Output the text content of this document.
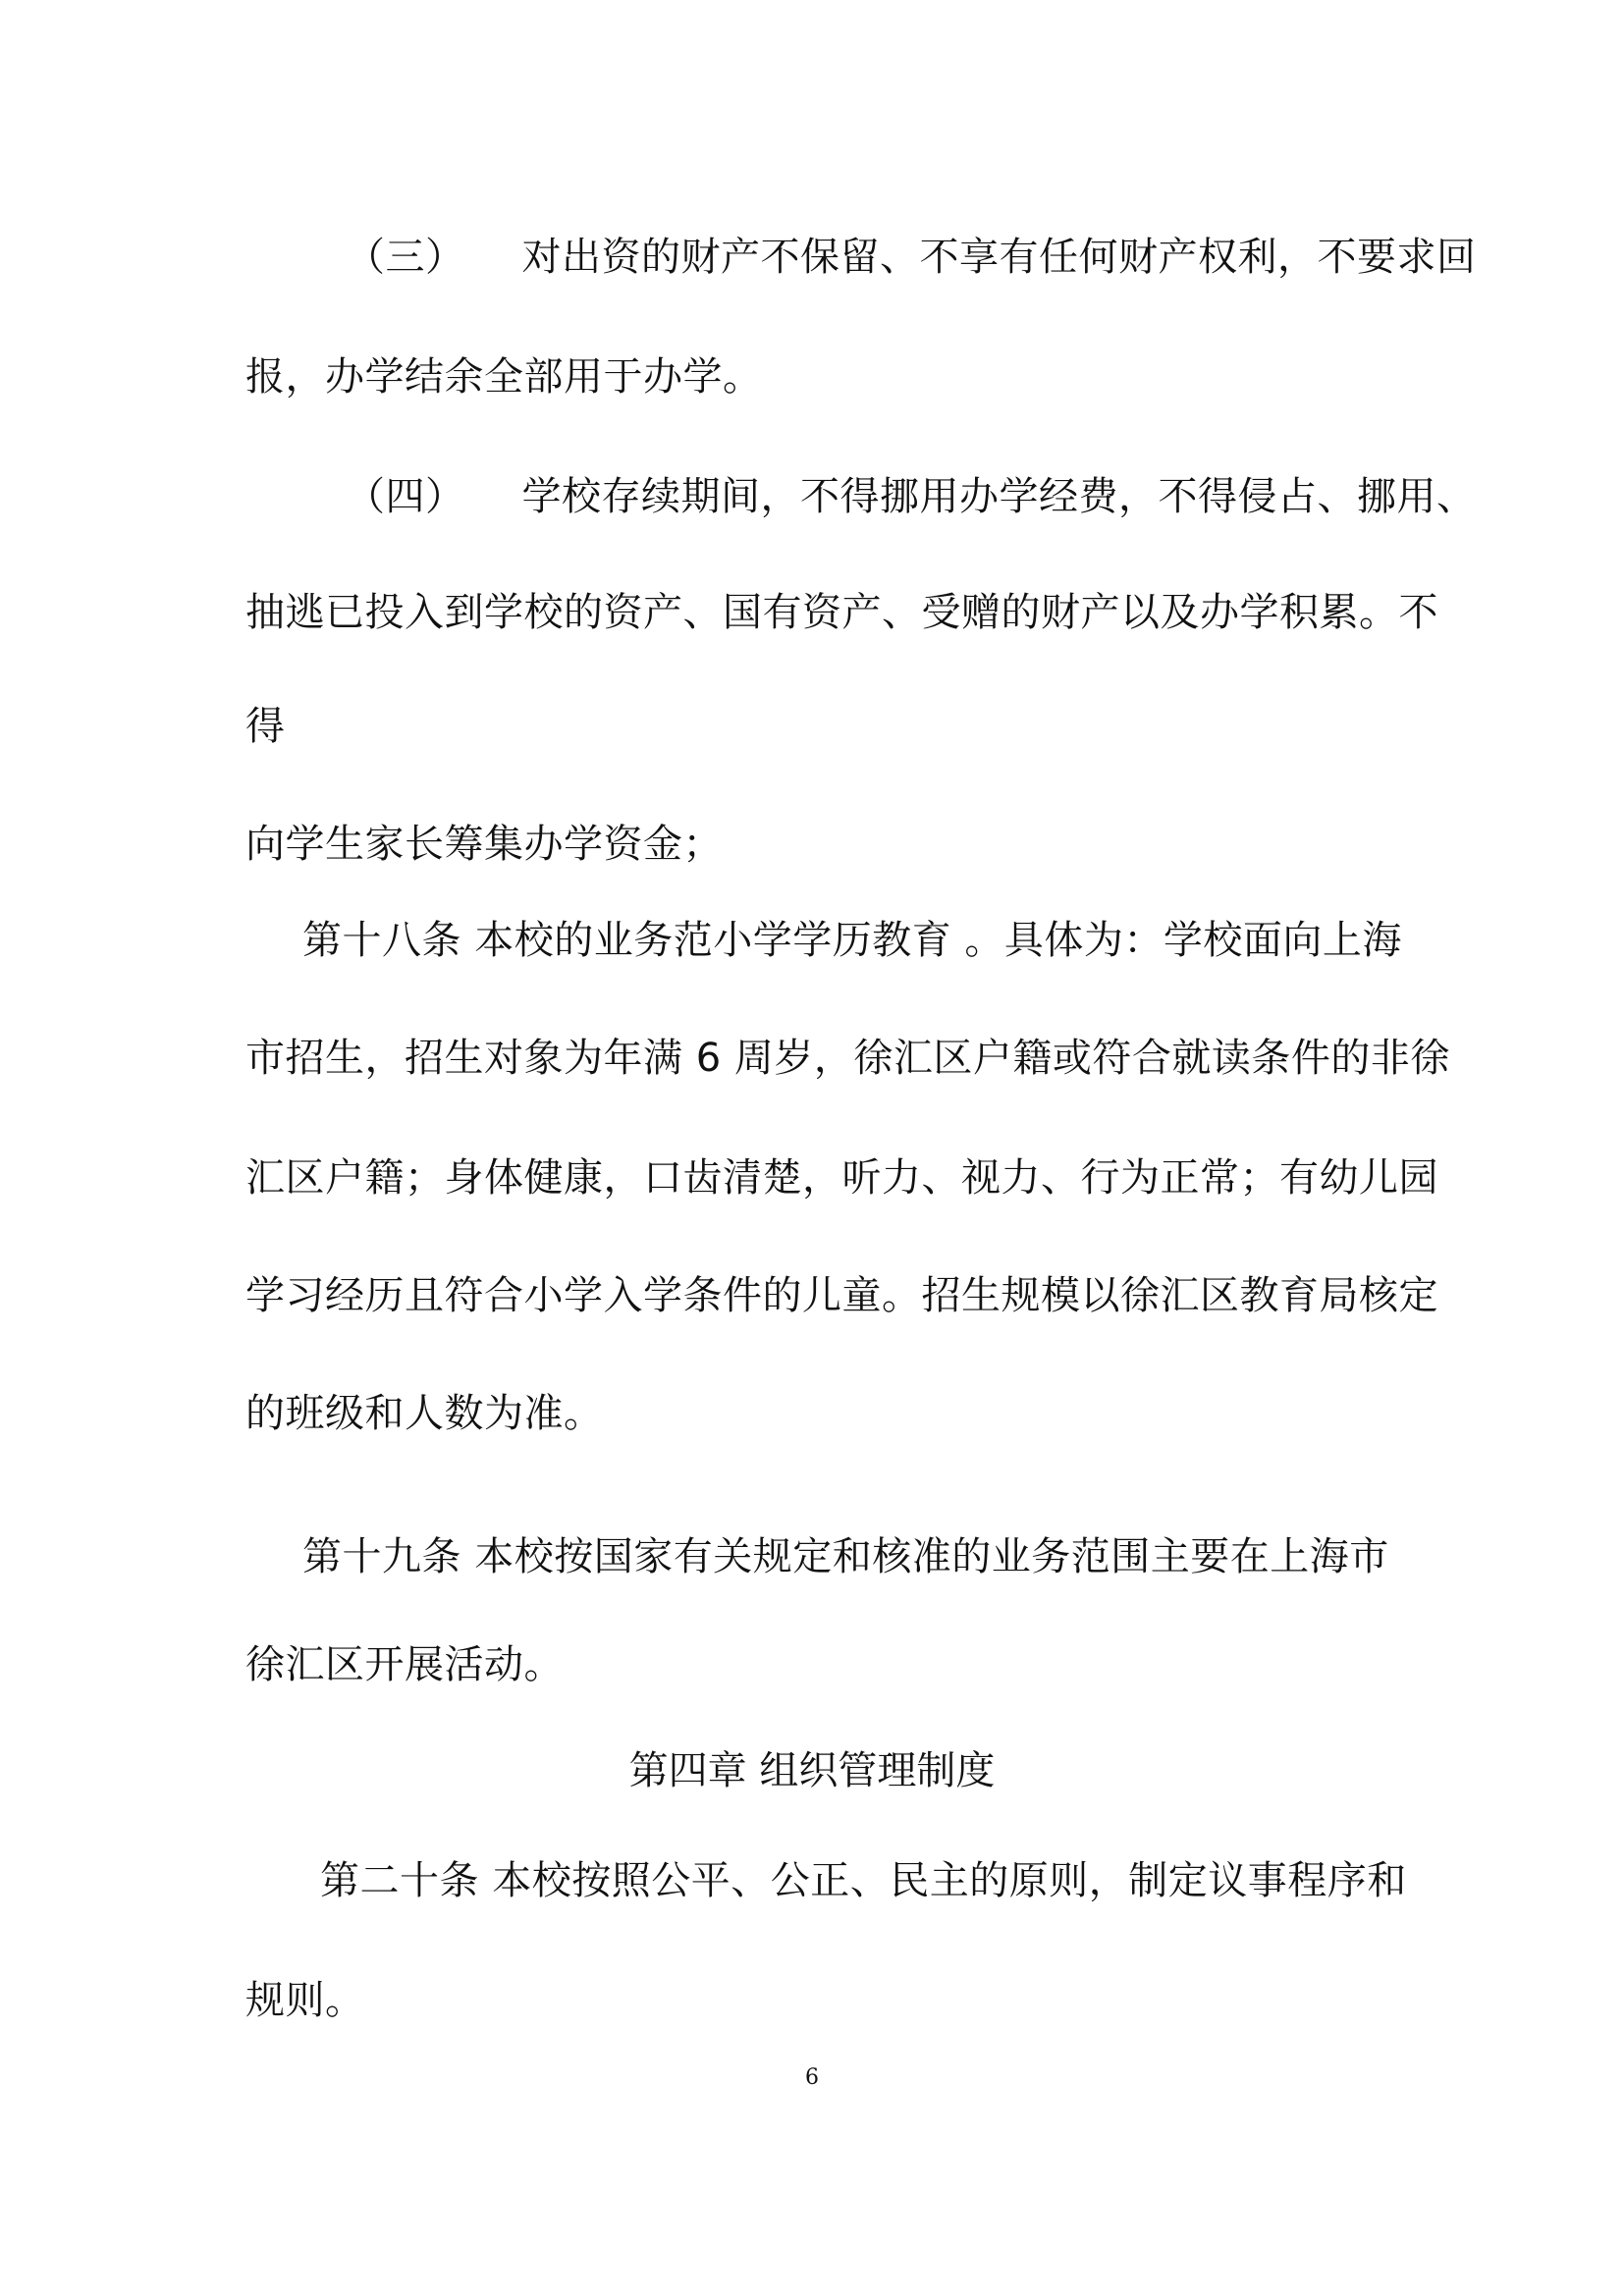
（三） 对出资的财产不保留、不享有任何财产权利，不要求回
报，办学结余全部用于办学。
（四） 学校存续期间，不得挪用办学经费，不得侵占、挪用、
抽逃已投入到学校的资产、国有资产、受赠的财产以及办学积累。不
得
向学生家长筹集办学资金；
第十八条 本校的业务范小学学历教育 。具体为：学校面向上海
市招生，招生对象为年满 6 周岁，徐汇区户籍或符合就读条件的非徐
汇区户籍；身体健康，口齿清楚，听力、视力、行为正常；有幼儿园
学习经历且符合小学入学条件的儿童。招生规模以徐汇区教育局核定
的班级和人数为准。
第十九条 本校按国家有关规定和核准的业务范围主要在上海市
徐汇区开展活动。
第四章 组织管理制度
第二十条 本校按照公平、公正、民主的原则，制定议事程序和
规则。
6
